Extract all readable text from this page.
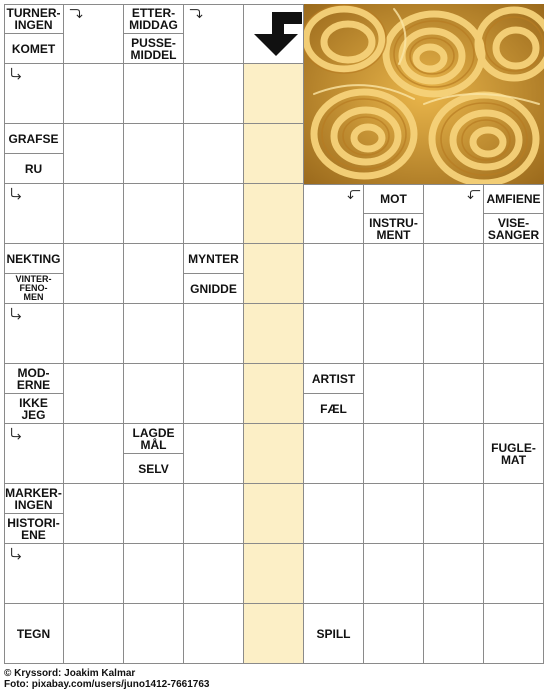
TURNER-
INGEN
KOMET
ETTER-
MIDDAG
PUSSE-
MIDDEL
GRAFSE
RU
MOT
INSTRU-
MENT
AMFIENE
VISE-
SANGER
NEKTING
VINTER-
FENO-
MEN
MYNTER
GNIDDE
MOD-
ERNE
IKKE
JEG
ARTIST
FÆL
LAGDE
MÅL
SELV
FUGLE-
MAT
MARKER-
INGEN
HISTORI-
ENE
TEGN	SPILL
© Kryssord: Joakim Kalmar
Foto: pixabay.com/users/juno1412-7661763
